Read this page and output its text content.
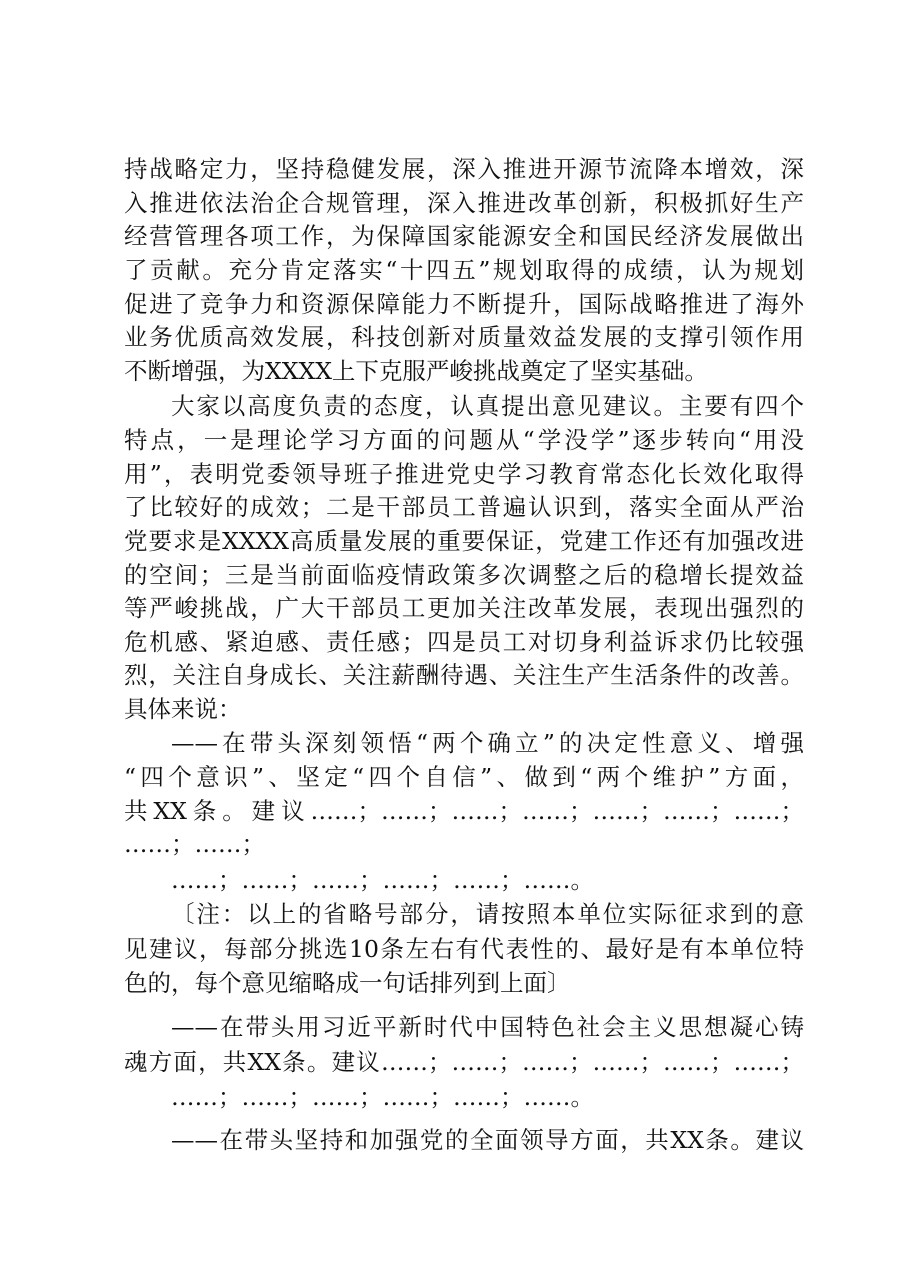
持战略定力，坚持稳健发展，深入推进开源节流降本增效，深
入推进依法治企合规管理，深入推进改革创新，积极抓好生产
经营管理各项工作，为保障国家能源安全和国民经济发展做出
了贡献。充分肯定落实“十四五”规划取得的成绩，认为规划
促进了竞争力和资源保障能力不断提升，国际战略推进了海外
业务优质高效发展，科技创新对质量效益发展的支撑引领作用
不断增强，为XXXX上下克服严峻挑战奠定了坚实基础。
大家以高度负责的态度，认真提出意见建议。主要有四个
特点，一是理论学习方面的问题从“学没学”逐步转向“用没
用”，表明党委领导班子推进党史学习教育常态化长效化取得
了比较好的成效；二是干部员工普遍认识到，落实全面从严治
党要求是XXXX高质量发展的重要保证，党建工作还有加强改进
的空间；三是当前面临疫情政策多次调整之后的稳增长提效益
等严峻挑战，广大干部员工更加关注改革发展，表现出强烈的
危机感、紧迫感、责任感；四是员工对切身利益诉求仍比较强
烈，关注自身成长、关注薪酬待遇、关注生产生活条件的改善。
具体来说：
——在带头深刻领悟“两个确立”的决定性意义、增强
“四个意识”、坚定“四个自信”、做到“两个维护”方面，
共XX条。建议……；……；……；……；……；……；……；
……；……；
……；……；……；……；……；……。
〔注：以上的省略号部分，请按照本单位实际征求到的意
见建议，每部分挑选10条左右有代表性的、最好是有本单位特
色的，每个意见缩略成一句话排列到上面〕
——在带头用习近平新时代中国特色社会主义思想凝心铸
魂方面，共XX条。建议……；……；……；……；……；……；
……；……；……；……；……；……。
——在带头坚持和加强党的全面领导方面，共XX条。建议
